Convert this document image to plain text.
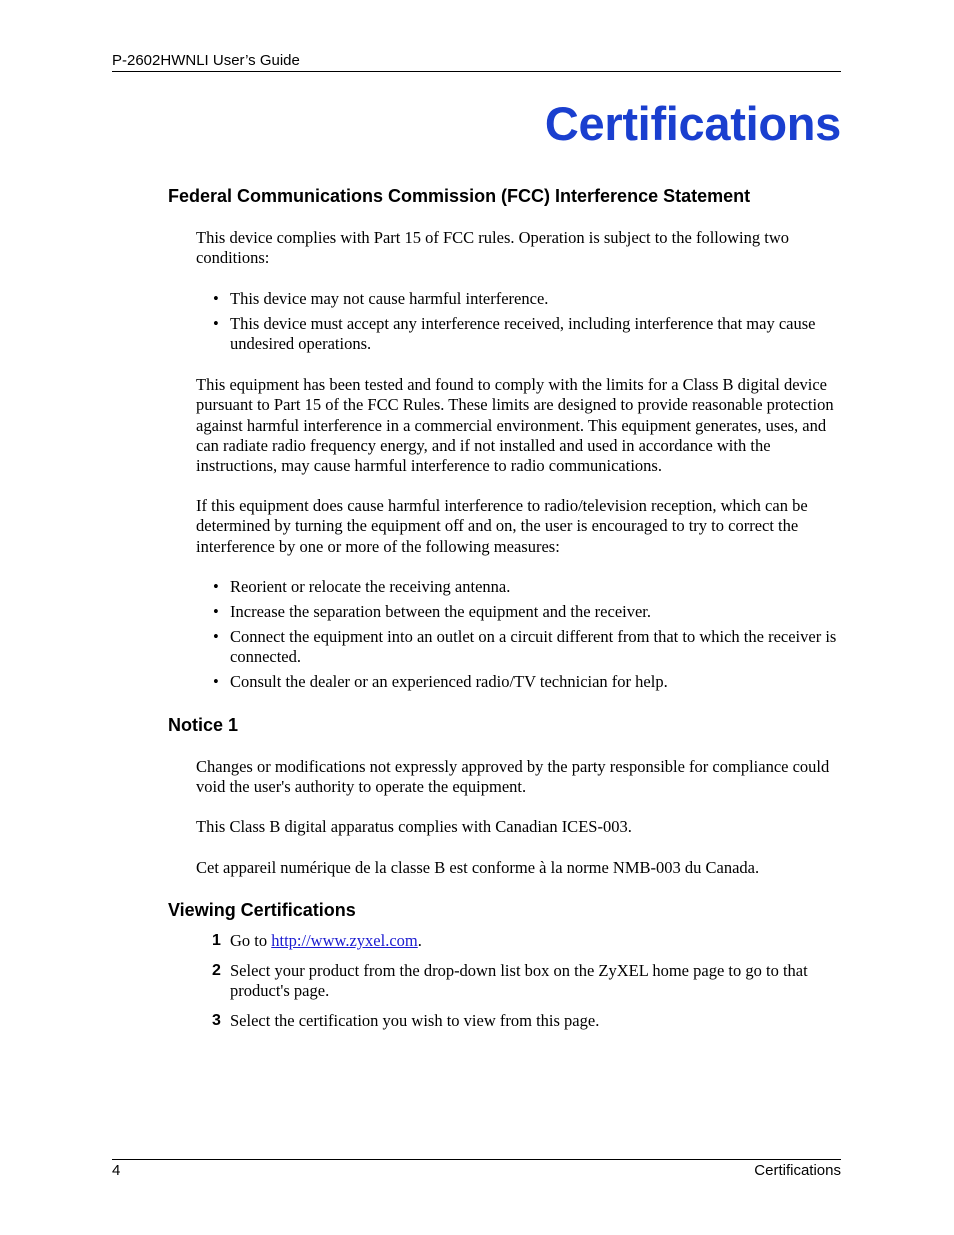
P-2602HWNLI User’s Guide
Certifications
Federal Communications Commission (FCC) Interference Statement

This device complies with Part 15 of FCC rules. Operation is subject to the following two conditions:

• This device may not cause harmful interference.

• This device must accept any interference received, including interference that may cause undesired operations.

This equipment has been tested and found to comply with the limits for a Class B digital device pursuant to Part 15 of the FCC Rules. These limits are designed to provide reasonable protection against harmful interference in a commercial environment. This equipment generates, uses, and can radiate radio frequency energy, and if not installed and used in accordance with the instructions, may cause harmful interference to radio communications.

If this equipment does cause harmful interference to radio/television reception, which can be determined by turning the equipment off and on, the user is encouraged to try to correct the interference by one or more of the following measures:

• Reorient or relocate the receiving antenna.

• Increase the separation between the equipment and the receiver.

• Connect the equipment into an outlet on a circuit different from that to which the receiver is connected.

• Consult the dealer or an experienced radio/TV technician for help.

Notice 1

Changes or modifications not expressly approved by the party responsible for compliance could void the user's authority to operate the equipment.

This Class B digital apparatus complies with Canadian ICES-003.

Cet appareil numérique de la classe B est conforme à la norme NMB-003 du Canada.

Viewing Certifications
1 Go to http://www.zyxel.com.

2 Select your product from the drop-down list box on the ZyXEL home page to go to that product's page.

3 Select the certification you wish to view from this page.

4	Certifications
